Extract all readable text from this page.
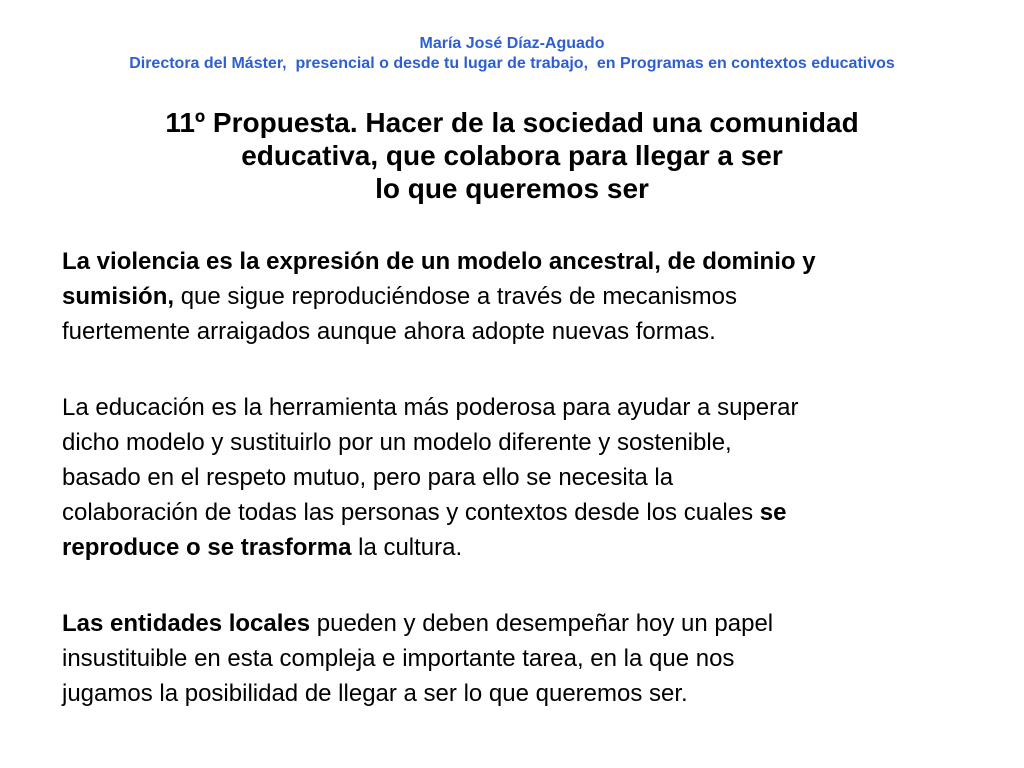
María José Díaz-Aguado
Directora del Máster,  presencial o desde tu lugar de trabajo,  en Programas en contextos educativos
11º Propuesta. Hacer de la sociedad una comunidad
educativa, que colabora para llegar a ser
lo que queremos ser
La violencia es la expresión de un modelo ancestral, de dominio y
sumisión, que sigue reproduciéndose a través de mecanismos
fuertemente arraigados aunque ahora adopte nuevas formas.
La educación es la herramienta más poderosa para ayudar a superar
dicho modelo y sustituirlo por un modelo diferente y sostenible,
basado en el respeto mutuo, pero para ello se necesita la
colaboración de todas las personas y contextos desde los cuales se
reproduce o se trasforma la cultura.
Las entidades locales pueden y deben desempeñar hoy un papel
insustituible en esta compleja e importante tarea, en la que nos
jugamos la posibilidad de llegar a ser lo que queremos ser.
